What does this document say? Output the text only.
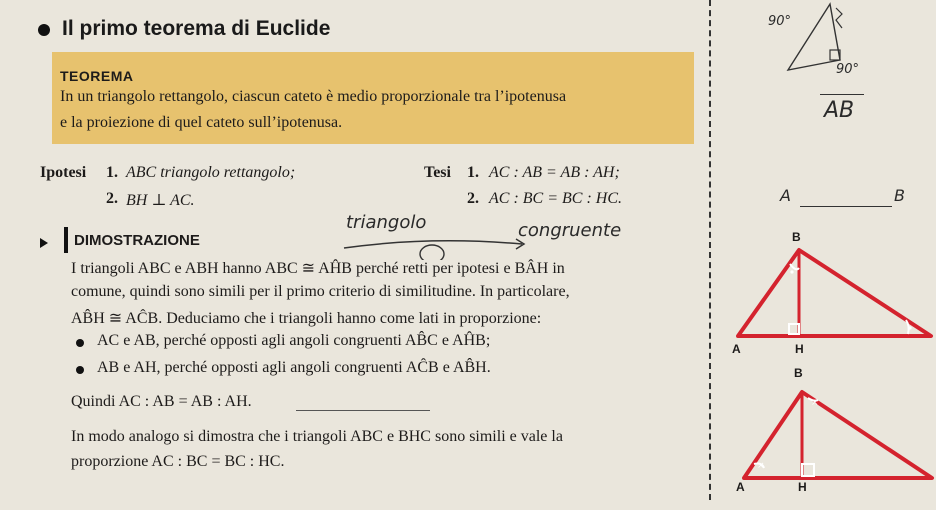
Il primo teorema di Euclide
TEOREMA
In un triangolo rettangolo, ciascun cateto è medio proporzionale tra l’ipotenusa
e la proiezione di quel cateto sull’ipotenusa.
Ipotesi 1. ABC triangolo rettangolo;
2. BH ⊥ AC.
Tesi 1. AC : AB = AB : AH;
2. AC : BC = BC : HC.
triangolo	congruente
DIMOSTRAZIONE
I triangoli ABC e ABH hanno ABC ≅ AĤB perché retti per ipotesi e BÂH in
comune, quindi sono simili per il primo criterio di similitudine. In particolare,
AB̂H ≅ AĈB. Deduciamo che i triangoli hanno come lati in proporzione:
AC e AB, perché opposti agli angoli congruenti AB̂C e AĤB;
AB e AH, perché opposti agli angoli congruenti AĈB e AB̂H.
Quindi AC : AB = AB : AH.
In modo analogo si dimostra che i triangoli ABC e BHC sono simili e vale la
proporzione AC : BC = BC : HC.
90°
90°
AB
A	B
B
A	H
×
×
B
A	H
